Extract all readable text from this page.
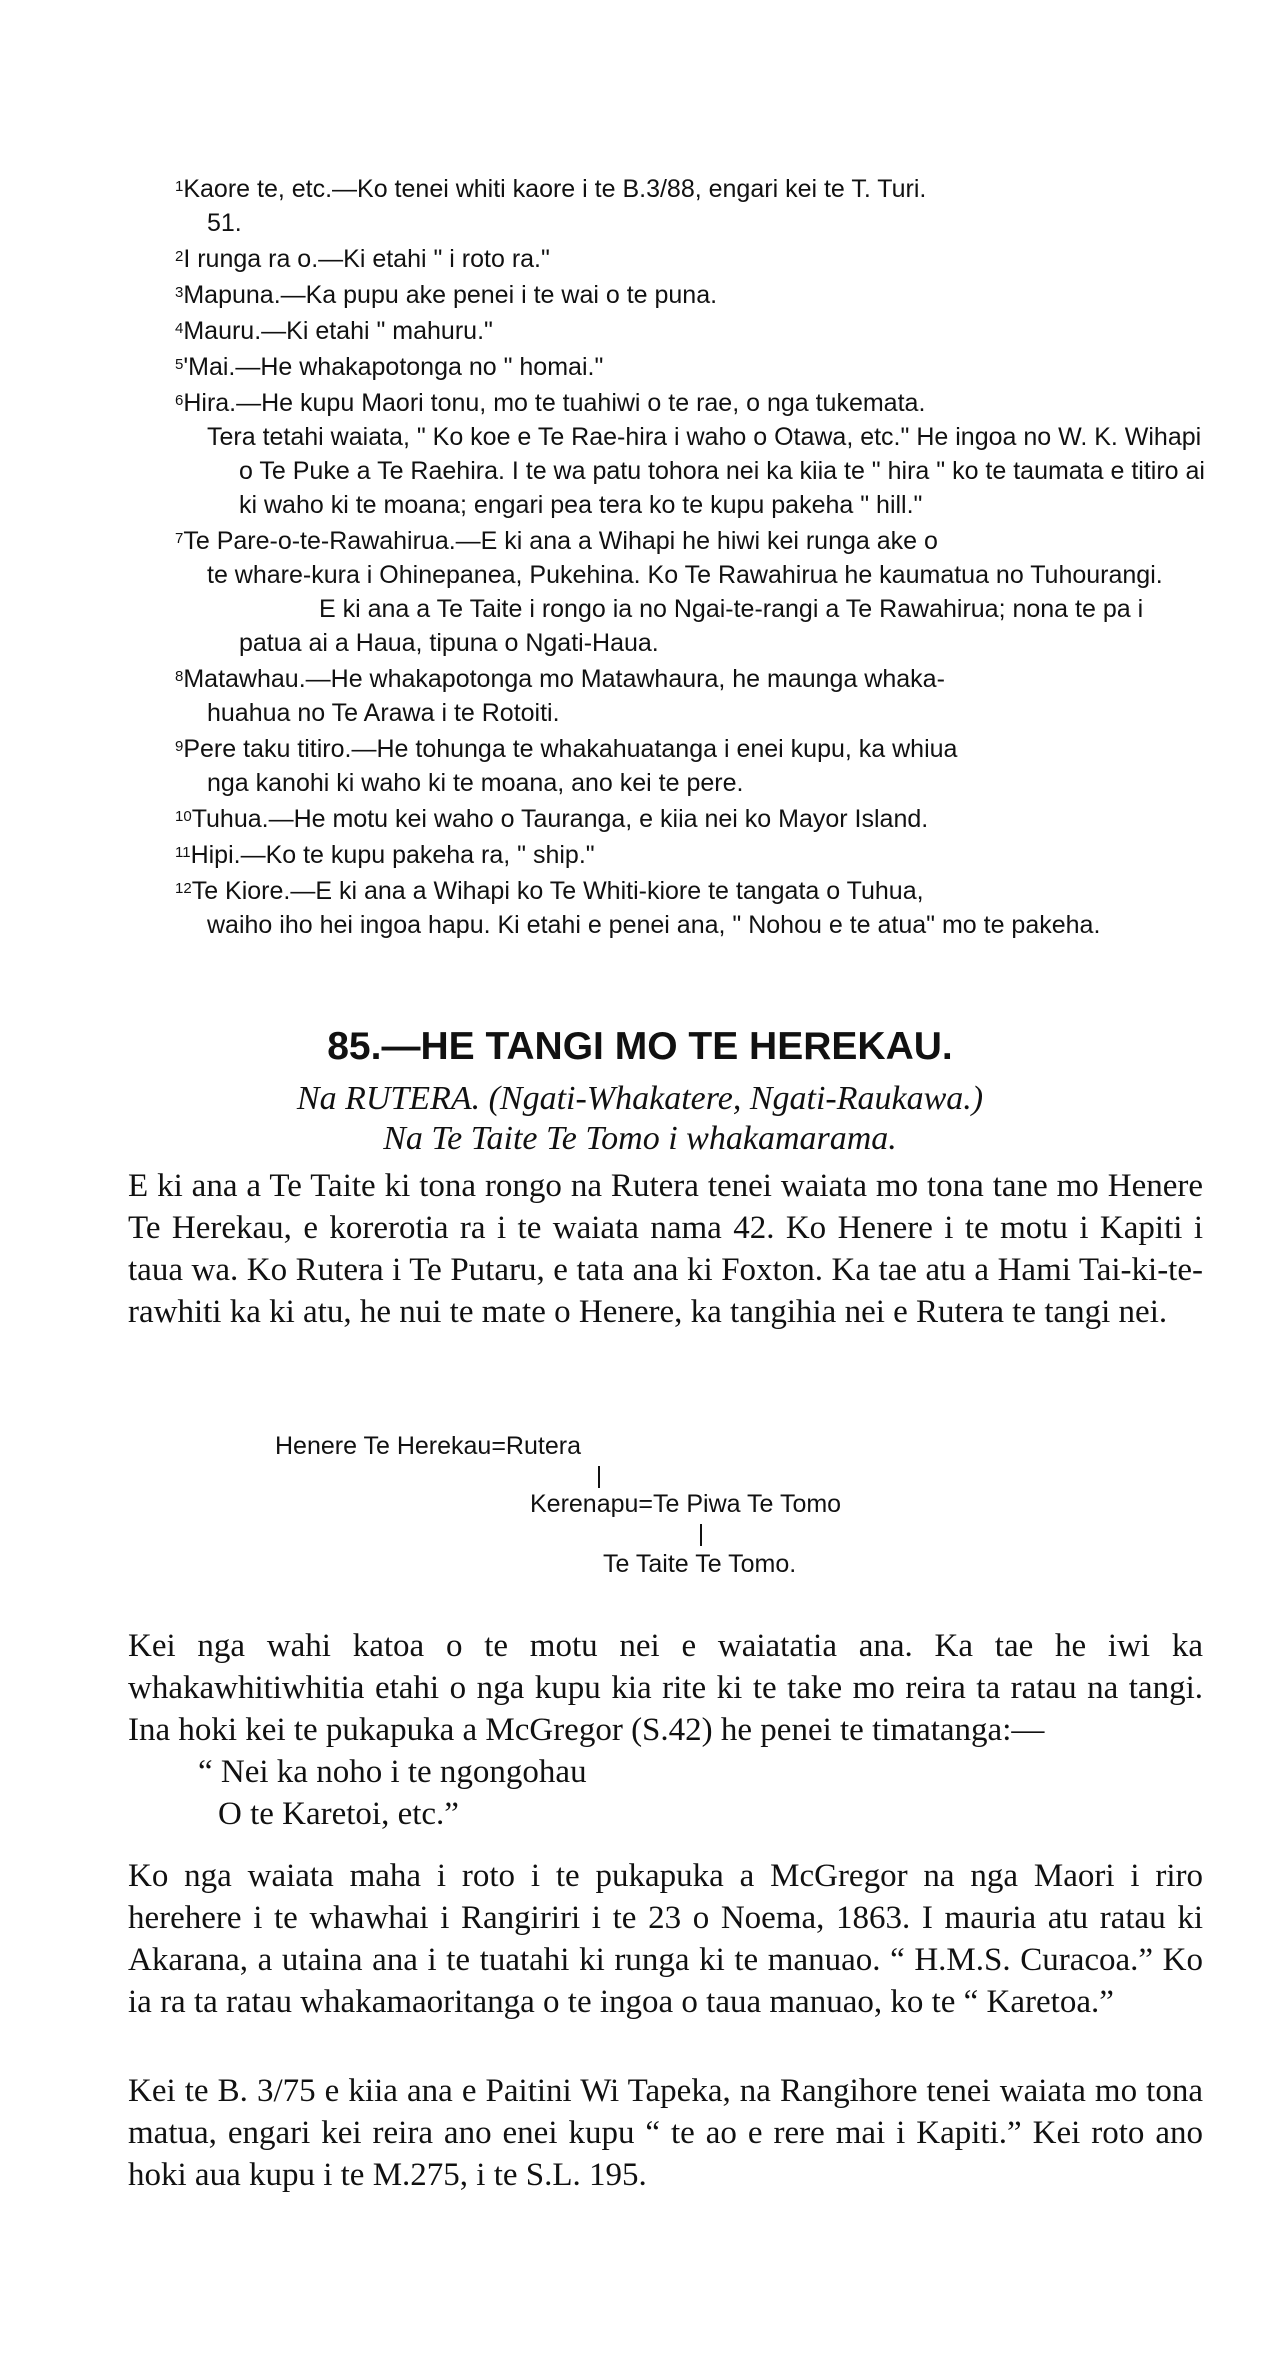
$^1$Kaore te, etc.—Ko tenei whiti kaore i te B.3/88, engari kei te T. Turi.
51.

$^2$I runga ra o.—Ki etahi " i roto ra."

$^3$Mapuna.—Ka pupu ake penei i te wai o te puna.

$^4$Mauru.—Ki etahi " mahuru."

$^5$'Mai.—He whakapotonga no " homai."

$^6$Hira.—He kupu Maori tonu, mo te tuahiwi o te rae, o nga tukemata.
Tera tetahi waiata, " Ko koe e Te Rae-hira i waho o Otawa, etc." He ingoa no W. K. Wihapi o Te Puke a Te Raehira. I te wa patu tohora nei ka kiia te " hira " ko te taumata e titiro ai ki waho ki te moana; engari pea tera ko te kupu pakeha " hill."

$^7$Te Pare-o-te-Rawahirua.—E ki ana a Wihapi he hiwi kei runga ake o
te whare-kura i Ohinepanea, Pukehina. Ko Te Rawahirua he kaumatua no Tuhourangi.
E ki ana a Te Taite i rongo ia no Ngai-te-rangi a Te Rawahirua; nona te pa i patua ai a Haua, tipuna o Ngati-Haua.

$^8$Matawhau.—He whakapotonga mo Matawhaura, he maunga whaka-
huahua no Te Arawa i te Rotoiti.

$^9$Pere taku titiro.—He tohunga te whakahuatanga i enei kupu, ka whiua
nga kanohi ki waho ki te moana, ano kei te pere.

$^{10}$Tuhua.—He motu kei waho o Tauranga, e kiia nei ko Mayor Island.

$^{11}$Hipi.—Ko te kupu pakeha ra, " ship."

$^{12}$Te Kiore.—E ki ana a Wihapi ko Te Whiti-kiore te tangata o Tuhua,
waiho iho hei ingoa hapu. Ki etahi e penei ana, " Nohou e te atua" mo te pakeha.

85.—HE TANGI MO TE HEREKAU.
Na RUTERA. (Ngati-Whakatere, Ngati-Raukawa.)
Na Te Taite Te Tomo i whakamarama.

E ki ana a Te Taite ki tona rongo na Rutera tenei waiata mo tona tane mo Henere Te Herekau, e korerotia ra i te waiata nama 42. Ko Henere i te motu i Kapiti i taua wa. Ko Rutera i Te Putaru, e tata ana ki Foxton. Ka tae atu a Hami Tai-ki-te-rawhiti ka ki atu, he nui te mate o Henere, ka tangihia nei e Rutera te tangi nei.

Henere Te Herekau=Rutera
Kerenapu=Te Piwa Te Tomo
Te Taite Te Tomo.

Kei nga wahi katoa o te motu nei e waiatatia ana. Ka tae he iwi ka whakawhitiwhitia etahi o nga kupu kia rite ki te take mo reira ta ratau na tangi. Ina hoki kei te pukapuka a McGregor (S.42) he penei te timatanga:—

“ Nei ka noho i te ngongohau

O te Karetoi, etc.”

Ko nga waiata maha i roto i te pukapuka a McGregor na nga Maori i riro herehere i te whawhai i Rangiriri i te 23 o Noema, 1863. I mauria atu ratau ki Akarana, a utaina ana i te tuatahi ki runga ki te manuao. “ H.M.S. Curacoa.” Ko ia ra ta ratau whakamaoritanga o te ingoa o taua manuao, ko te “ Karetoa.”

Kei te B. 3/75 e kiia ana e Paitini Wi Tapeka, na Rangihore tenei waiata mo tona matua, engari kei reira ano enei kupu “ te ao e rere mai i Kapiti.” Kei roto ano hoki aua kupu i te M.275, i te S.L. 195.
